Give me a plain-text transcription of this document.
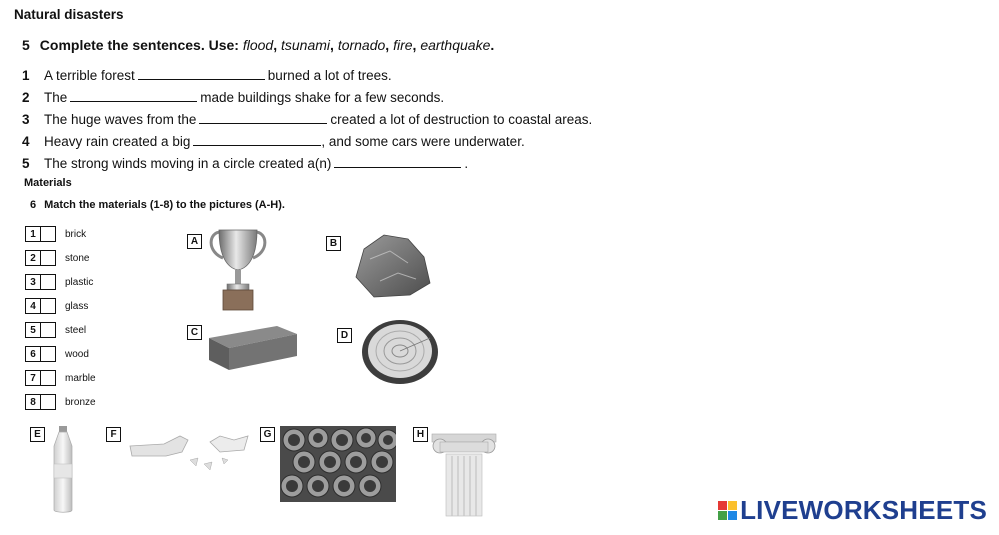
Natural disasters
5 Complete the sentences. Use: flood, tsunami, tornado, fire, earthquake.
1 A terrible forest	burned a lot of trees.
2 The	made buildings shake for a few seconds.
3 The huge waves from the	created a lot of destruction to coastal areas.
4 Heavy rain created a big	, and some cars were underwater.
5 The strong winds moving in a circle created a(n)	.
Materials
6 Match the materials (1-8) to the pictures (A-H).
1	brick
2	stone
3	plastic
4	glass
5	steel
6	wood
7	marble
8	bronze
A	B
C	D
E	F	G	H
LIVEWORKSHEETS
